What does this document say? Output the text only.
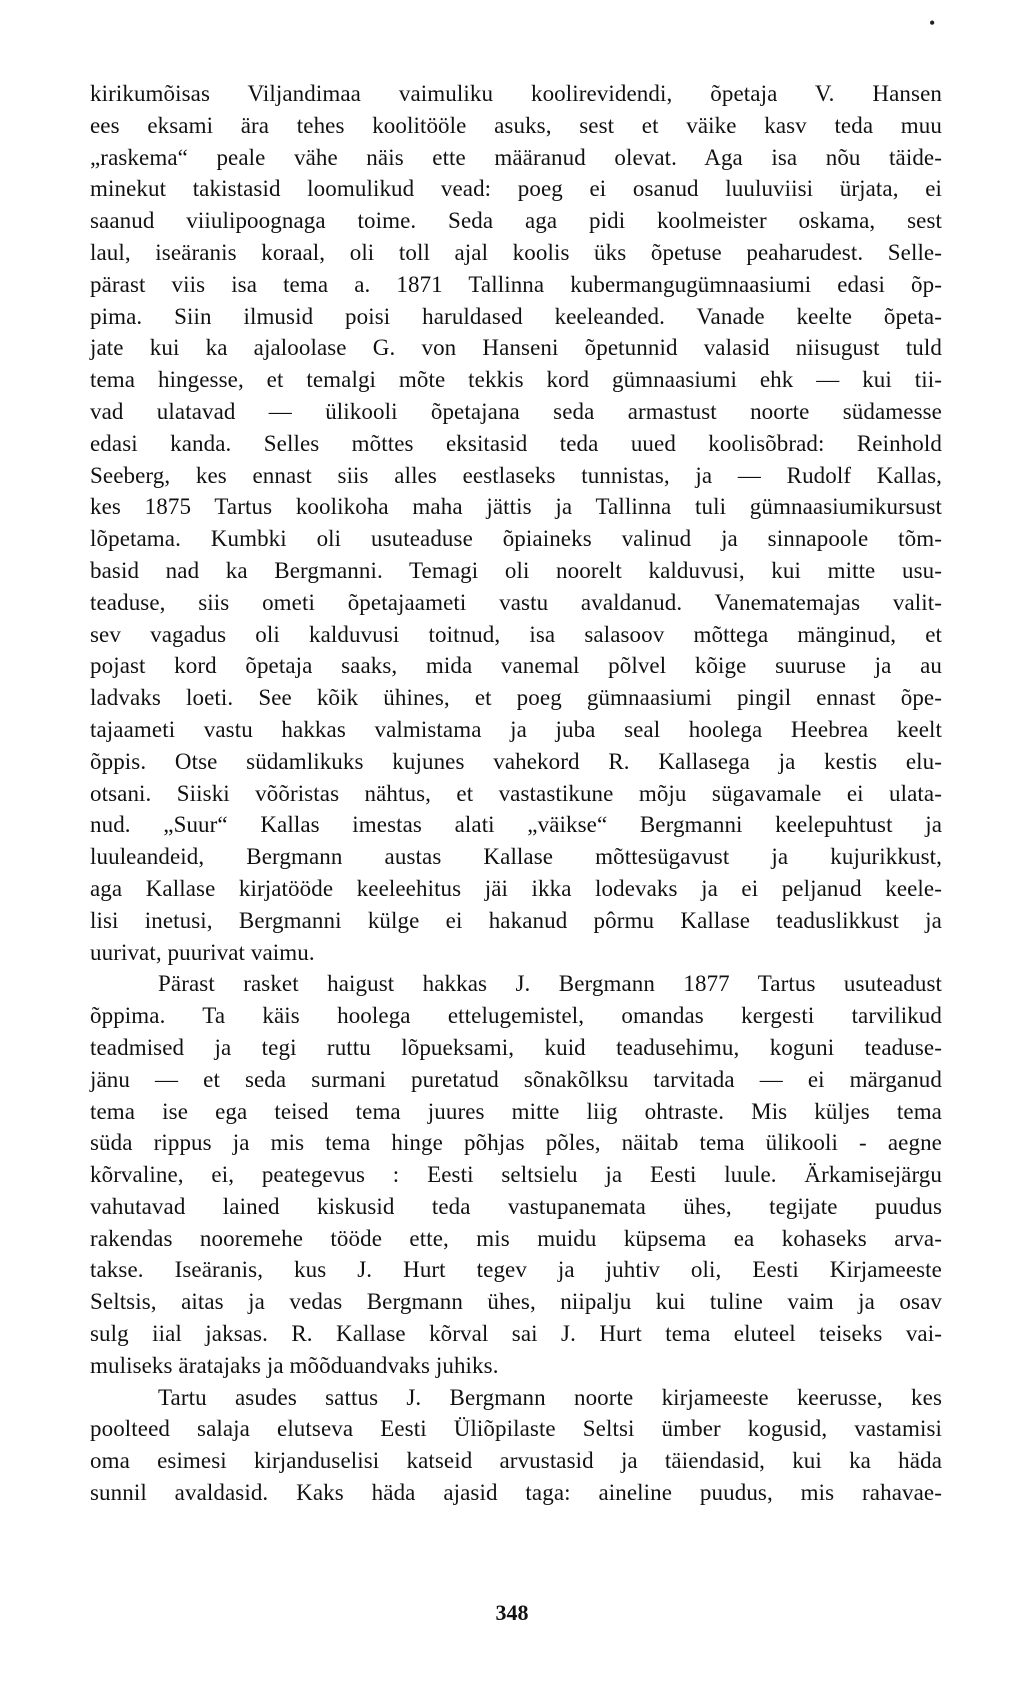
•
kirikumõisas Viljandimaa vaimuliku koolirevidendi, õpetaja V. Hansen
ees eksami ära tehes koolitööle asuks, sest et väike kasv teda muu
„raskema“ peale vähe näis ette määranud olevat. Aga isa nõu täide-
minekut takistasid loomulikud vead: poeg ei osanud luuluviisi ürjata, ei
saanud viiulipoognaga toime. Seda aga pidi koolmeister oskama, sest
laul, iseäranis koraal, oli toll ajal koolis üks õpetuse peaharudest. Selle-
pärast viis isa tema a. 1871 Tallinna kubermangugümnaasiumi edasi õp-
pima. Siin ilmusid poisi haruldased keeleanded. Vanade keelte õpeta-
jate kui ka ajaloolase G. von Hanseni õpetunnid valasid niisugust tuld
tema hingesse, et temalgi mõte tekkis kord gümnaasiumi ehk — kui tii-
vad ulatavad — ülikooli õpetajana seda armastust noorte südamesse
edasi kanda. Selles mõttes eksitasid teda uued koolisõbrad: Reinhold
Seeberg, kes ennast siis alles eestlaseks tunnistas, ja — Rudolf Kallas,
kes 1875 Tartus koolikoha maha jättis ja Tallinna tuli gümnaasiumikursust
lõpetama. Kumbki oli usuteaduse õpiaineks valinud ja sinnapoole tõm-
basid nad ka Bergmanni. Temagi oli noorelt kalduvusi, kui mitte usu-
teaduse, siis ometi õpetajaameti vastu avaldanud. Vanematemajas valit-
sev vagadus oli kalduvusi toitnud, isa salasoov mõttega mänginud, et
pojast kord õpetaja saaks, mida vanemal põlvel kõige suuruse ja au
ladvaks loeti. See kõik ühines, et poeg gümnaasiumi pingil ennast õpe-
tajaameti vastu hakkas valmistama ja juba seal hoolega Heebrea keelt
õppis. Otse südamlikuks kujunes vahekord R. Kallasega ja kestis elu-
otsani. Siiski võõristas nähtus, et vastastikune mõju sügavamale ei ulata-
nud. „Suur“ Kallas imestas alati „väikse“ Bergmanni keelepuhtust ja
luuleandeid, Bergmann austas Kallase mõttesügavust ja kujurikkust,
aga Kallase kirjatööde keeleehitus jäi ikka lodevaks ja ei peljanud keele-
lisi inetusi, Bergmanni külge ei hakanud pôrmu Kallase teaduslikkust ja
uurivat, puurivat vaimu.
Pärast rasket haigust hakkas J. Bergmann 1877 Tartus usuteadust
õppima. Ta käis hoolega ettelugemistel, omandas kergesti tarvilikud
teadmised ja tegi ruttu lõpueksami, kuid teadusehimu, koguni teaduse-
jänu — et seda surmani puretatud sõnakõlksu tarvitada — ei märganud
tema ise ega teised tema juures mitte liig ohtraste. Mis küljes tema
süda rippus ja mis tema hinge põhjas põles, näitab tema ülikooli - aegne
kõrvaline, ei, peategevus : Eesti seltsielu ja Eesti luule. Ärkamisejärgu
vahutavad lained kiskusid teda vastupanemata ühes, tegijate puudus
rakendas nooremehe tööde ette, mis muidu küpsema ea kohaseks arva-
takse. Iseäranis, kus J. Hurt tegev ja juhtiv oli, Eesti Kirjameeste
Seltsis, aitas ja vedas Bergmann ühes, niipalju kui tuline vaim ja osav
sulg iial jaksas. R. Kallase kõrval sai J. Hurt tema eluteel teiseks vai-
muliseks äratajaks ja mõõduandvaks juhiks.
Tartu asudes sattus J. Bergmann noorte kirjameeste keerusse, kes
poolteed salaja elutseva Eesti Üliõpilaste Seltsi ümber kogusid, vastamisi
oma esimesi kirjanduselisi katseid arvustasid ja täiendasid, kui ka häda
sunnil avaldasid. Kaks häda ajasid taga: aineline puudus, mis rahavae-
348
